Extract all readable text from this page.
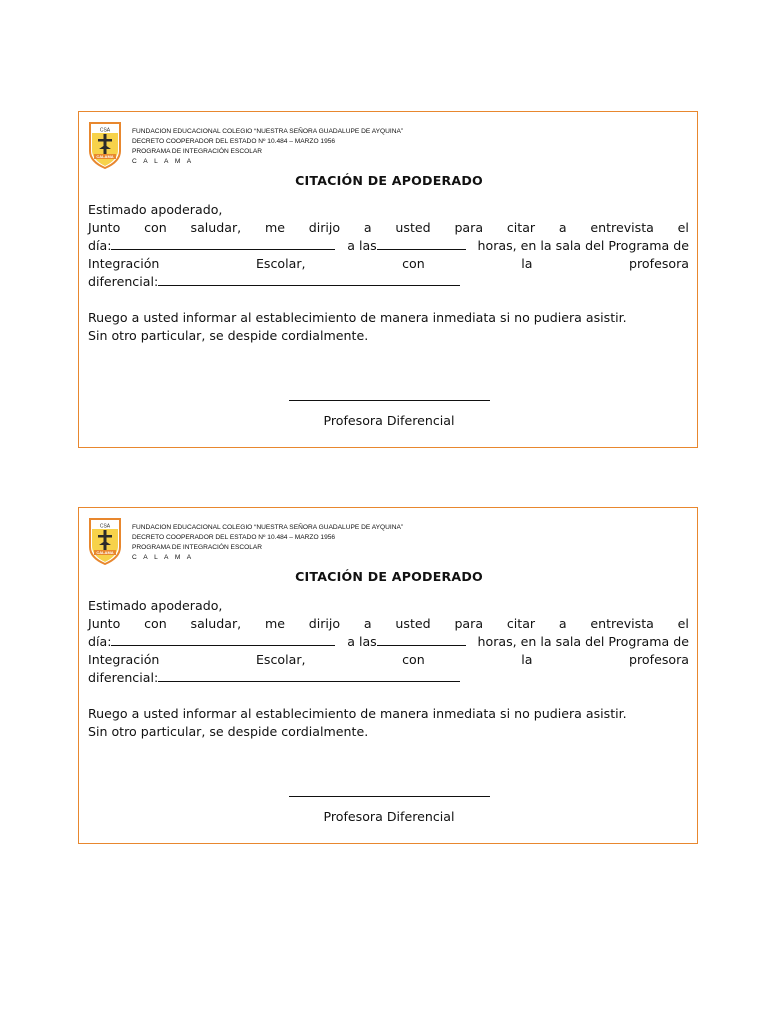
CSA
CALAMA
FUNDACION EDUCACIONAL COLEGIO “NUESTRA SEÑORA GUADALUPE DE AYQUINA”
DECRETO COOPERADOR DEL ESTADO Nº 10.484 – MARZO 1956
PROGRAMA DE INTEGRACIÓN ESCOLAR
C A L A M A
CITACIÓN DE APODERADO
Estimado apoderado,
Junto con saludar, me dirijo a usted para citar a entrevista el
día:	a las	horas, en la sala del Programa de
Integración	Escolar,	con	la	profesora
diferencial:
Ruego a usted informar al establecimiento de manera inmediata si no pudiera asistir.
Sin otro particular, se despide cordialmente.
Profesora Diferencial
CSA
CALAMA
FUNDACION EDUCACIONAL COLEGIO “NUESTRA SEÑORA GUADALUPE DE AYQUINA”
DECRETO COOPERADOR DEL ESTADO Nº 10.484 – MARZO 1956
PROGRAMA DE INTEGRACIÓN ESCOLAR
C A L A M A
CITACIÓN DE APODERADO
Estimado apoderado,
Junto con saludar, me dirijo a usted para citar a entrevista el
día:	a las	horas, en la sala del Programa de
Integración	Escolar,	con	la	profesora
diferencial:
Ruego a usted informar al establecimiento de manera inmediata si no pudiera asistir.
Sin otro particular, se despide cordialmente.
Profesora Diferencial
